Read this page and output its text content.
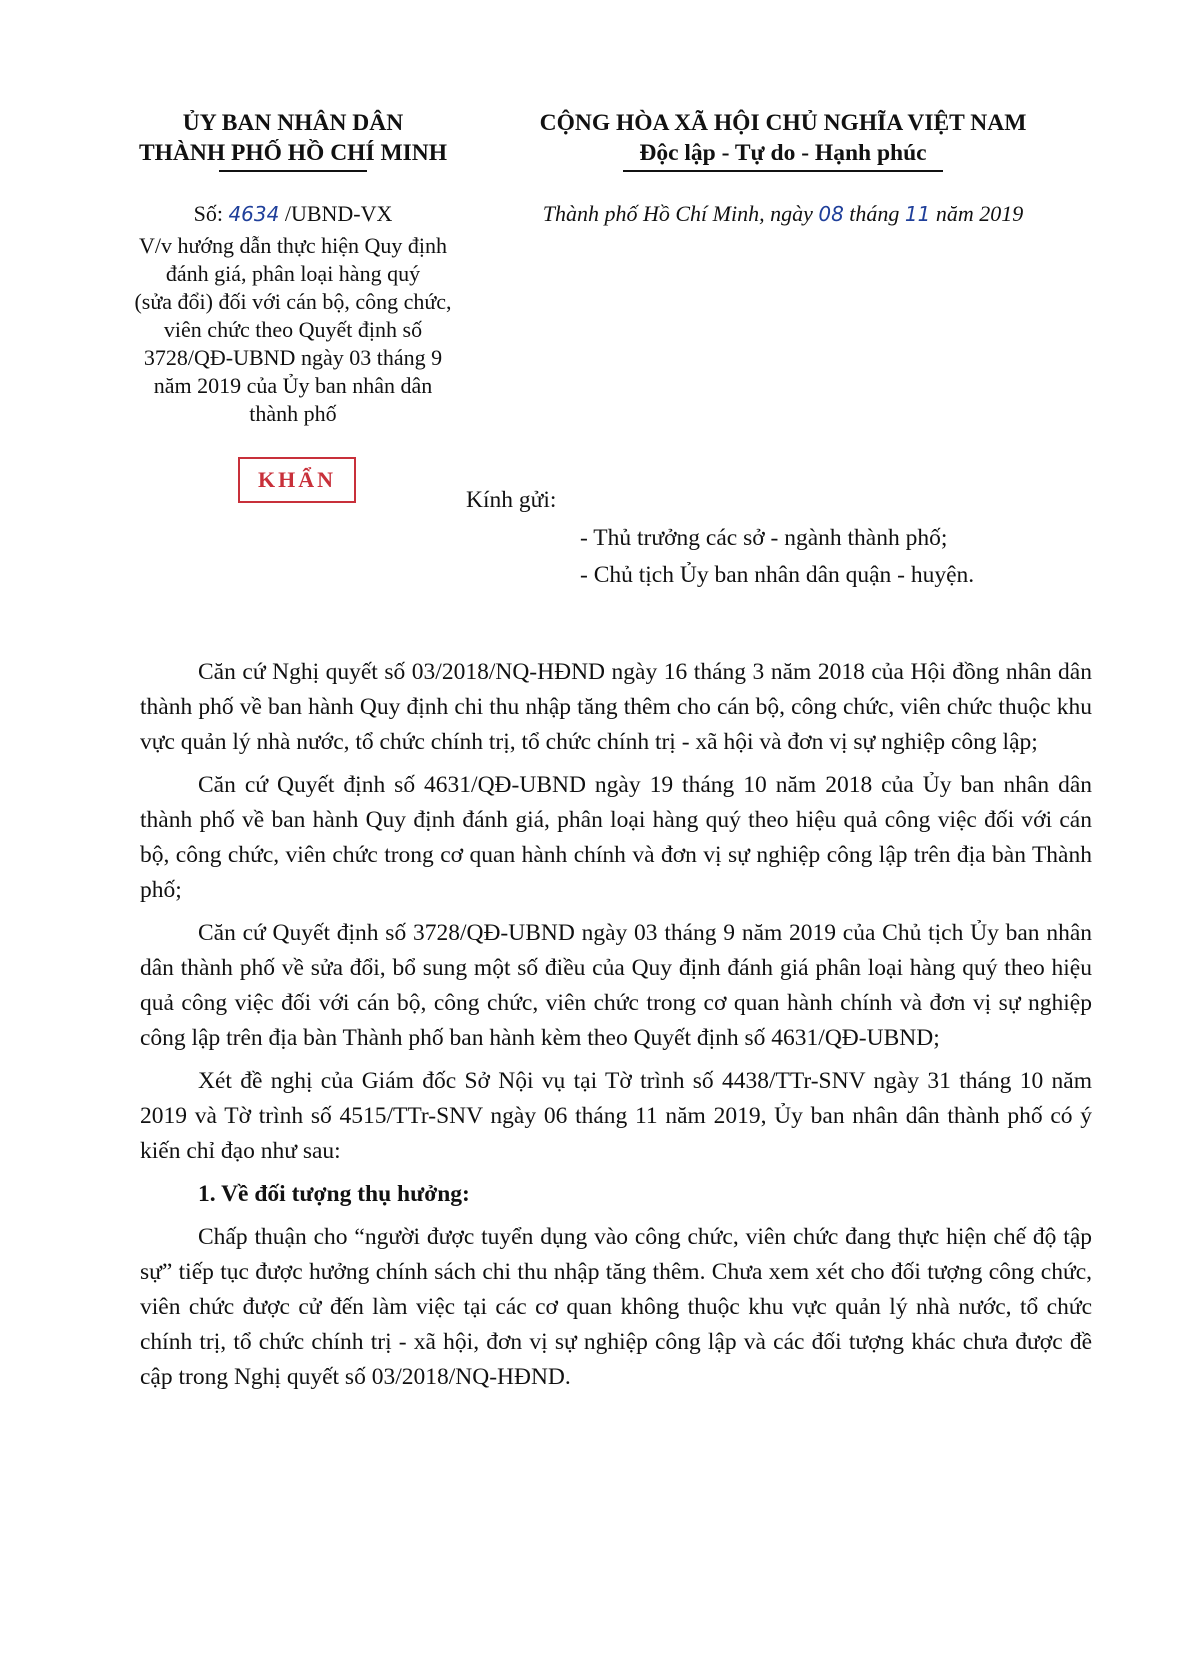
ỦY BAN NHÂN DÂN
THÀNH PHỐ HỒ CHÍ MINH
CỘNG HÒA XÃ HỘI CHỦ NGHĨA VIỆT NAM
Độc lập - Tự do - Hạnh phúc
Số: 4634 /UBND-VX
V/v hướng dẫn thực hiện Quy định
đánh giá, phân loại hàng quý
(sửa đổi) đối với cán bộ, công chức,
viên chức theo Quyết định số
3728/QĐ-UBND ngày 03 tháng 9
năm 2019 của Ủy ban nhân dân
thành phố
Thành phố Hồ Chí Minh, ngày 08 tháng 11 năm 2019
KHẨN
Kính gửi:
- Thủ trưởng các sở - ngành thành phố;
- Chủ tịch Ủy ban nhân dân quận - huyện.

Căn cứ Nghị quyết số 03/2018/NQ-HĐND ngày 16 tháng 3 năm 2018 của Hội đồng nhân dân thành phố về ban hành Quy định chi thu nhập tăng thêm cho cán bộ, công chức, viên chức thuộc khu vực quản lý nhà nước, tổ chức chính trị, tổ chức chính trị - xã hội và đơn vị sự nghiệp công lập;

Căn cứ Quyết định số 4631/QĐ-UBND ngày 19 tháng 10 năm 2018 của Ủy ban nhân dân thành phố về ban hành Quy định đánh giá, phân loại hàng quý theo hiệu quả công việc đối với cán bộ, công chức, viên chức trong cơ quan hành chính và đơn vị sự nghiệp công lập trên địa bàn Thành phố;

Căn cứ Quyết định số 3728/QĐ-UBND ngày 03 tháng 9 năm 2019 của Chủ tịch Ủy ban nhân dân thành phố về sửa đổi, bổ sung một số điều của Quy định đánh giá phân loại hàng quý theo hiệu quả công việc đối với cán bộ, công chức, viên chức trong cơ quan hành chính và đơn vị sự nghiệp công lập trên địa bàn Thành phố ban hành kèm theo Quyết định số 4631/QĐ-UBND;

Xét đề nghị của Giám đốc Sở Nội vụ tại Tờ trình số 4438/TTr-SNV ngày 31 tháng 10 năm 2019 và Tờ trình số 4515/TTr-SNV ngày 06 tháng 11 năm 2019, Ủy ban nhân dân thành phố có ý kiến chỉ đạo như sau:

1. Về đối tượng thụ hưởng:

Chấp thuận cho “người được tuyển dụng vào công chức, viên chức đang thực hiện chế độ tập sự” tiếp tục được hưởng chính sách chi thu nhập tăng thêm. Chưa xem xét cho đối tượng công chức, viên chức được cử đến làm việc tại các cơ quan không thuộc khu vực quản lý nhà nước, tổ chức chính trị, tổ chức chính trị - xã hội, đơn vị sự nghiệp công lập và các đối tượng khác chưa được đề cập trong Nghị quyết số 03/2018/NQ-HĐND.
